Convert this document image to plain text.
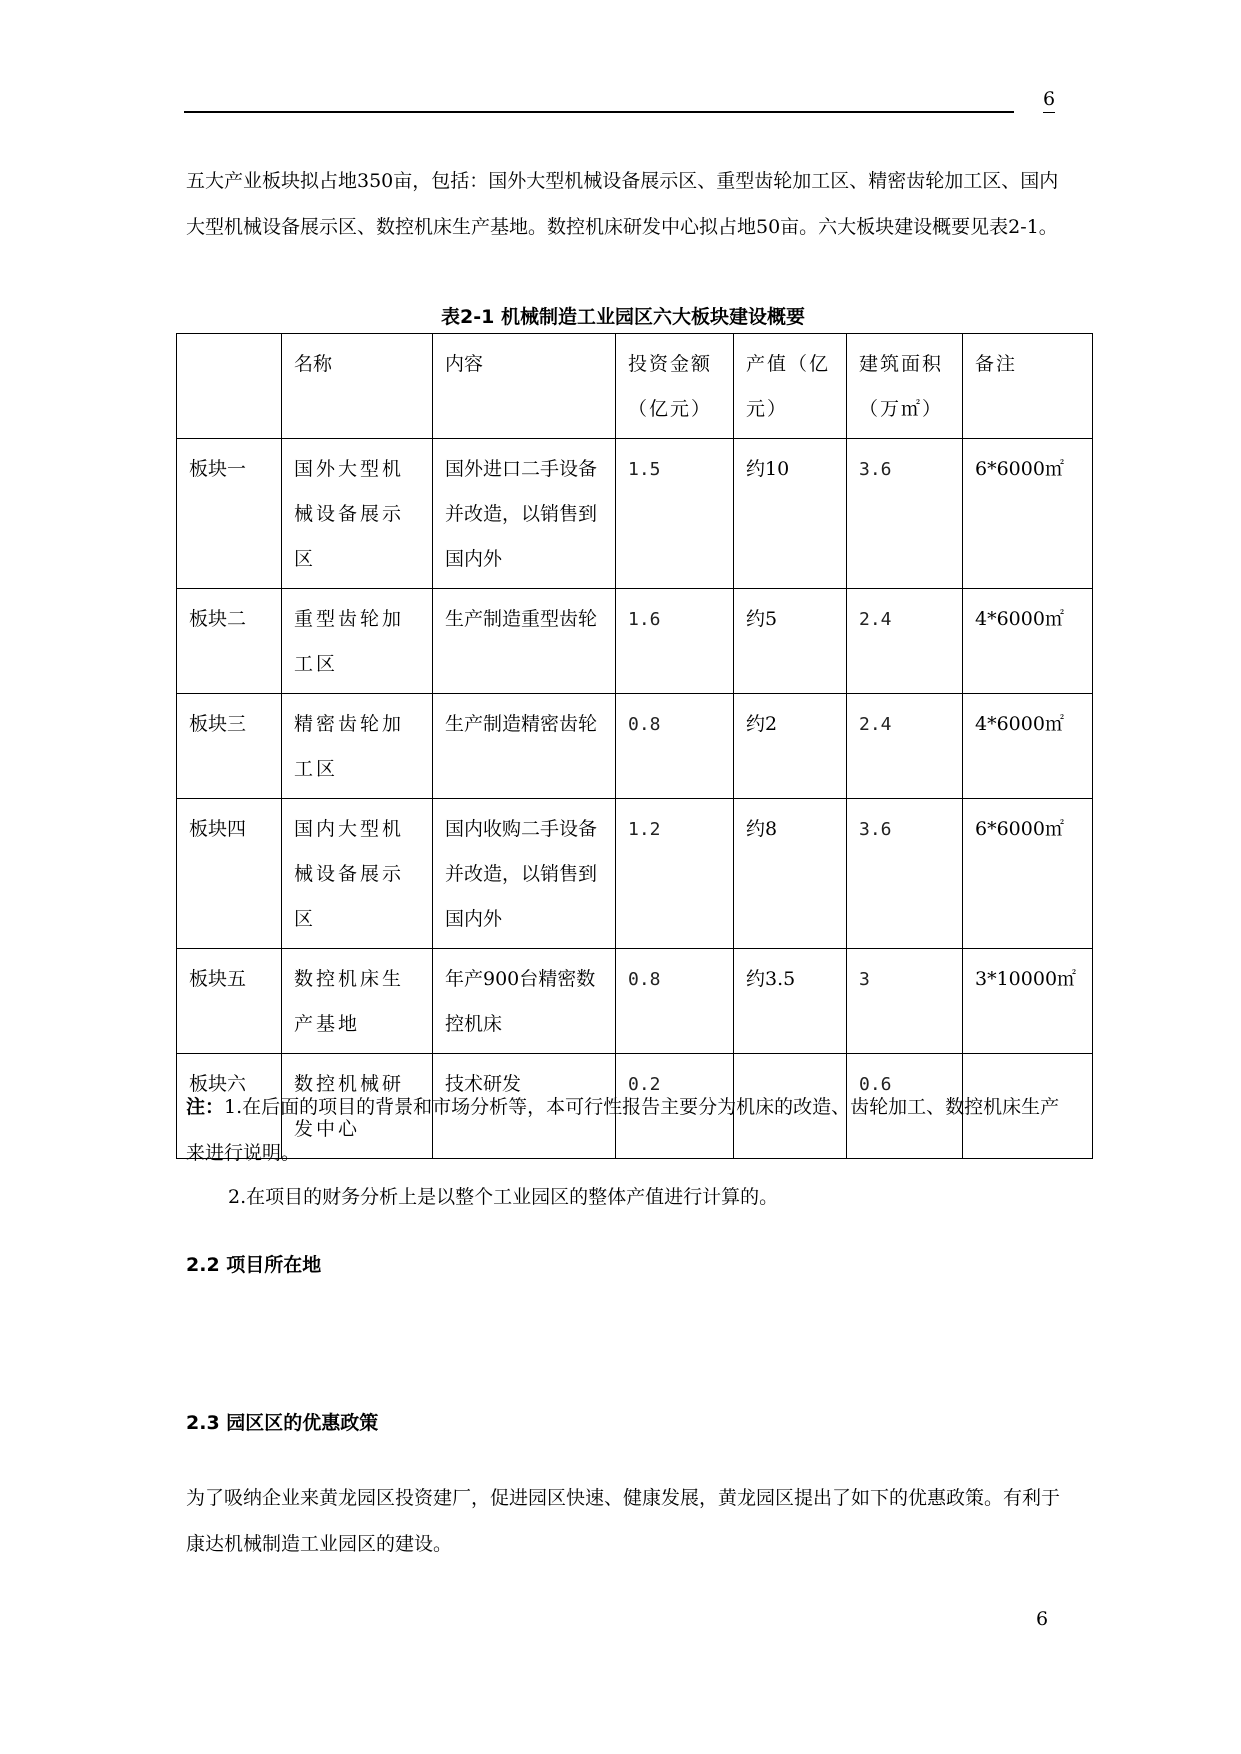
6
五大产业板块拟占地350亩，包括：国外大型机械设备展示区、重型齿轮加工区、精密齿轮加工区、国内大型机械设备展示区、数控机床生产基地。数控机床研发中心拟占地50亩。六大板块建设概要见表2-1。
表2-1 机械制造工业园区六大板块建设概要
	名称	内容	投资金额（亿元）	产值（亿元）	建筑面积（万㎡）	备注
板块一	国外大型机械设备展示区	国外进口二手设备并改造，以销售到国内外	1.5	约10	3.6	6*6000㎡
板块二	重型齿轮加工区	生产制造重型齿轮	1.6	约5	2.4	4*6000㎡
板块三	精密齿轮加工区	生产制造精密齿轮	0.8	约2	2.4	4*6000㎡
板块四	国内大型机械设备展示区	国内收购二手设备并改造，以销售到国内外	1.2	约8	3.6	6*6000㎡
板块五	数控机床生产基地	年产900台精密数控机床	0.8	约3.5	3	3*10000㎡
板块六	数控机械研发中心	技术研发	0.2		0.6	
注：1.在后面的项目的背景和市场分析等，本可行性报告主要分为机床的改造、齿轮加工、数控机床生产来进行说明。
2.在项目的财务分析上是以整个工业园区的整体产值进行计算的。
2.2 项目所在地
2.3 园区区的优惠政策
为了吸纳企业来黄龙园区投资建厂，促进园区快速、健康发展，黄龙园区提出了如下的优惠政策。有利于康达机械制造工业园区的建设。
6
